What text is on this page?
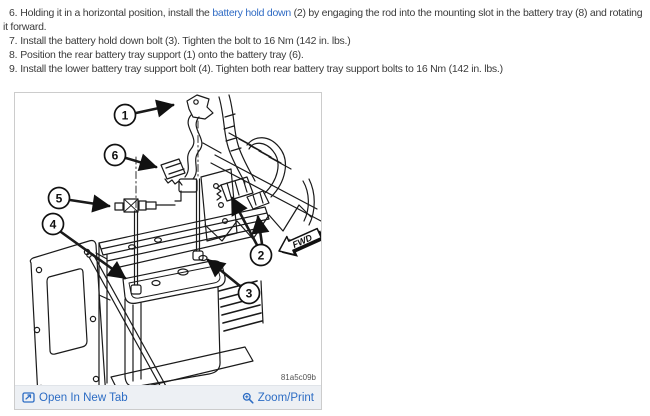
6. Holding it in a horizontal position, install the battery hold down (2) by engaging the rod into the mounting slot in the battery tray (8) and rotating it forward.

7. Install the battery hold down bolt (3). Tighten the bolt to 16 Nm (142 in. lbs.)

8. Position the rear battery tray support (1) onto the battery tray (6).

9. Install the lower battery tray support bolt (4). Tighten both rear battery tray support bolts to 16 Nm (142 in. lbs.)

FWD
1
6
5
4
2
3
81a5c09b
Open In New Tab	Zoom/Print
